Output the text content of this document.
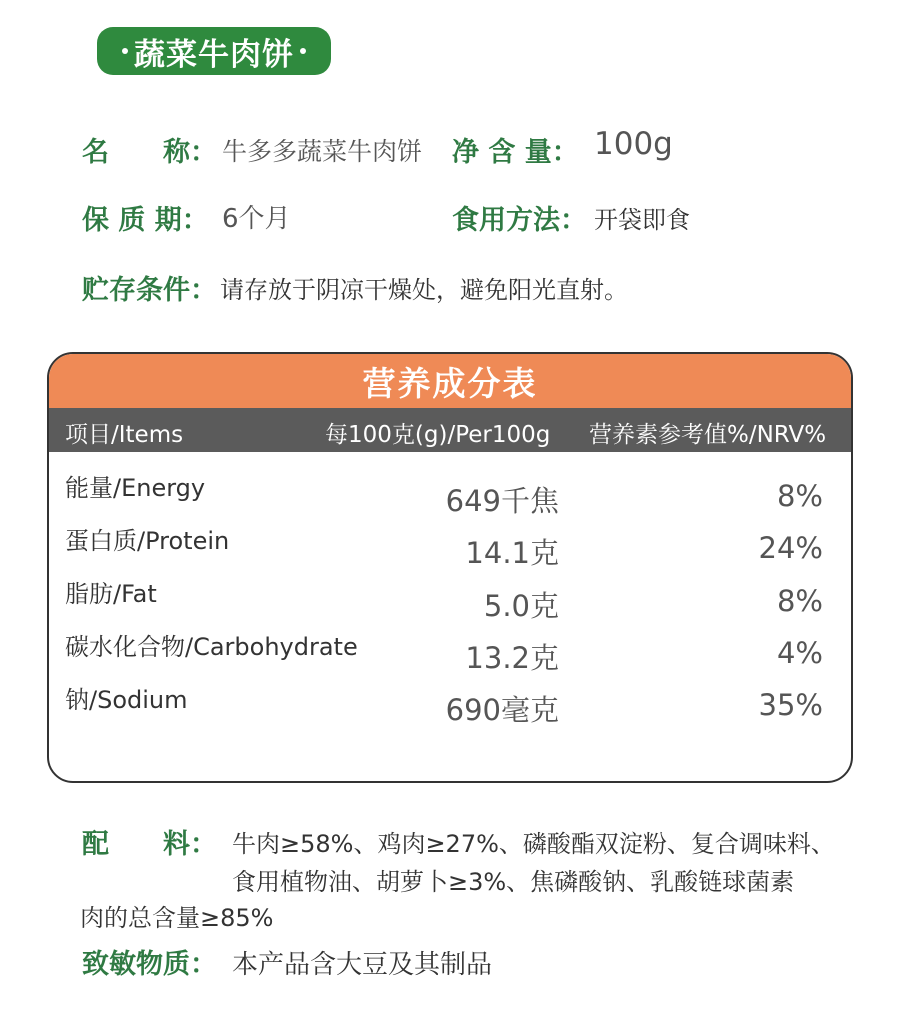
蔬菜牛肉饼
名　　称： 牛多多蔬菜牛肉饼 净 含 量： 100g
保 质 期： 6个月	食用方法： 开袋即食
贮存条件： 请存放于阴凉干燥处，避免阳光直射。
营养成分表
项目/Items	每100克(g)/Per100g 营养素参考值%/NRV%
能量/Energy	649千焦	8%
蛋白质/Protein	14.1克	24%
脂肪/Fat	5.0克	8%
碳水化合物/Carbohydrate	13.2克	4%
钠/Sodium	690毫克	35%
配　　料： 牛肉≥58%、鸡肉≥27%、磷酸酯双淀粉、复合调味料、
食用植物油、胡萝卜≥3%、焦磷酸钠、乳酸链球菌素
肉的总含量≥85%
致敏物质： 本产品含大豆及其制品
